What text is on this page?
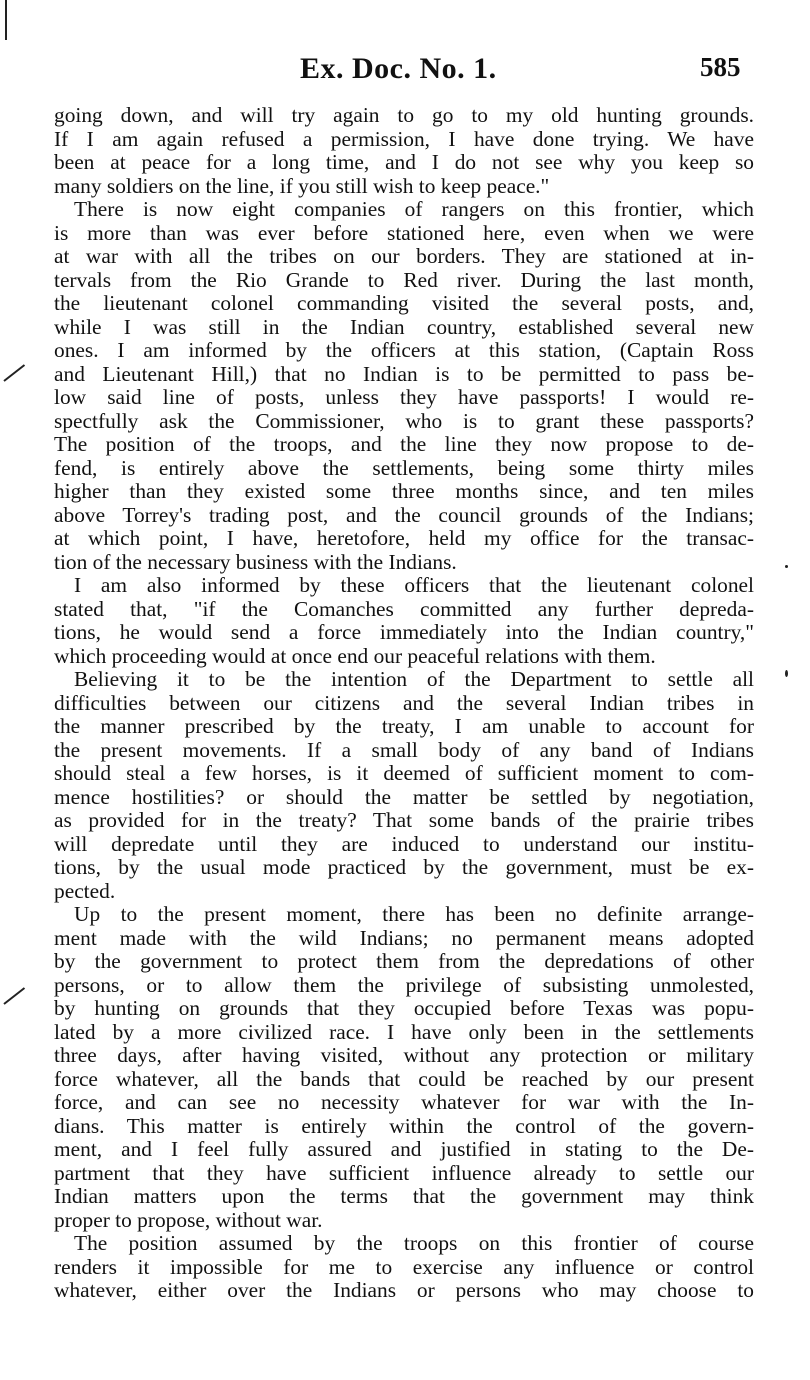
Ex. Doc. No. 1.	585
going down, and will try again to go to my old hunting grounds.
If I am again refused a permission, I have done trying. We have
been at peace for a long time, and I do not see why you keep so
many soldiers on the line, if you still wish to keep peace."
There is now eight companies of rangers on this frontier, which
is more than was ever before stationed here, even when we were
at war with all the tribes on our borders. They are stationed at in-
tervals from the Rio Grande to Red river. During the last month,
the lieutenant colonel commanding visited the several posts, and,
while I was still in the Indian country, established several new
ones. I am informed by the officers at this station, (Captain Ross
and Lieutenant Hill,) that no Indian is to be permitted to pass be-
low said line of posts, unless they have passports! I would re-
spectfully ask the Commissioner, who is to grant these passports?
The position of the troops, and the line they now propose to de-
fend, is entirely above the settlements, being some thirty miles
higher than they existed some three months since, and ten miles
above Torrey's trading post, and the council grounds of the Indians;
at which point, I have, heretofore, held my office for the transac-
tion of the necessary business with the Indians.
I am also informed by these officers that the lieutenant colonel
stated that, "if the Comanches committed any further depreda-
tions, he would send a force immediately into the Indian country,"
which proceeding would at once end our peaceful relations with them.
Believing it to be the intention of the Department to settle all
difficulties between our citizens and the several Indian tribes in
the manner prescribed by the treaty, I am unable to account for
the present movements. If a small body of any band of Indians
should steal a few horses, is it deemed of sufficient moment to com-
mence hostilities? or should the matter be settled by negotiation,
as provided for in the treaty? That some bands of the prairie tribes
will depredate until they are induced to understand our institu-
tions, by the usual mode practiced by the government, must be ex-
pected.
Up to the present moment, there has been no definite arrange-
ment made with the wild Indians; no permanent means adopted
by the government to protect them from the depredations of other
persons, or to allow them the privilege of subsisting unmolested,
by hunting on grounds that they occupied before Texas was popu-
lated by a more civilized race. I have only been in the settlements
three days, after having visited, without any protection or military
force whatever, all the bands that could be reached by our present
force, and can see no necessity whatever for war with the In-
dians. This matter is entirely within the control of the govern-
ment, and I feel fully assured and justified in stating to the De-
partment that they have sufficient influence already to settle our
Indian matters upon the terms that the government may think
proper to propose, without war.
The position assumed by the troops on this frontier of course
renders it impossible for me to exercise any influence or control
whatever, either over the Indians or persons who may choose to
